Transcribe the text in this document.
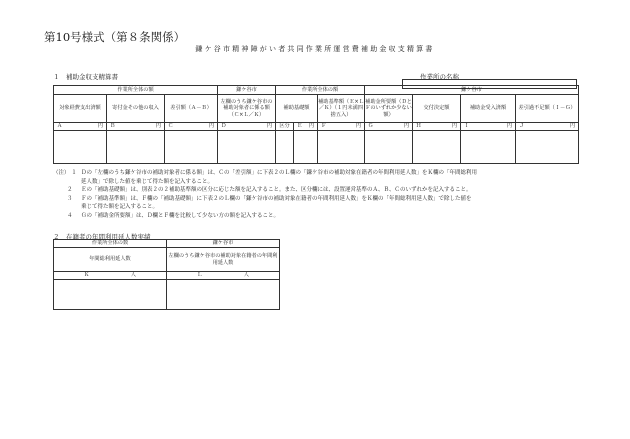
第10号様式（第８条関係）
鎌ケ谷市精神障がい者共同作業所運営費補助金収支精算書
１　補助金収支精算書	作業所の名称
作業所全体の額			鎌ケ谷市	作業所全体の額			鎌ケ谷市			
対象経費支出済額	寄付金その他の収入	差引額（Ａ－Ｂ）	左欄のうち鎌ケ谷市の補助対象者に係る額（Ｃ×Ｌ／Ｋ）	補助基礎額		補助基準額（Ｅ×Ｌ／Ｋ）（１円未満四捨五入）	補助金所要額（ＤとＦのいずれか少ない額）	交付決定額	補助金受入済額	差引過不足額（Ｉ－Ｇ）

Ａ 円	Ｂ 円	Ｃ 円	Ｄ 円	区分	Ｅ 円	Ｆ 円	Ｇ 円	Ｈ 円	Ｉ 円	Ｊ 円

（注） １ Ｄの「左欄のうち鎌ケ谷市の補助対象者に係る額」は、Ｃの「差引額」に下表２のＬ欄の「鎌ケ谷市の補助対象在籍者の年間利用延人数」をＫ欄の「年間総利用
延人数」で除した値を乗じて得た額を記入すること。
２	Ｅの「補助基礎額」は、別表２の２補助基準額の区分に応じた額を記入すること。また、区分欄には、設置運営基準のＡ、Ｂ、Ｃのいずれかを記入すること。
３	Ｆの「補助基準額」は、Ｆ欄の「補助基礎額」に下表２のＬ欄の「鎌ケ谷市の補助対象在籍者の年間利用延人数」をＫ欄の「年間総利用延人数」で除した値を
乗じて得た額を記入すること。
４	Ｇの「補助金所要額」は、Ｄ欄とＦ欄を比較して少ない方の額を記入すること。
２　在籍者の年間利用延人数実績
作業所全体の数	鎌ケ谷市
年間総利用延人数	左欄のうち鎌ケ谷市の補助対象在籍者の年間利用延人数

Ｋ 人	Ｌ 人
